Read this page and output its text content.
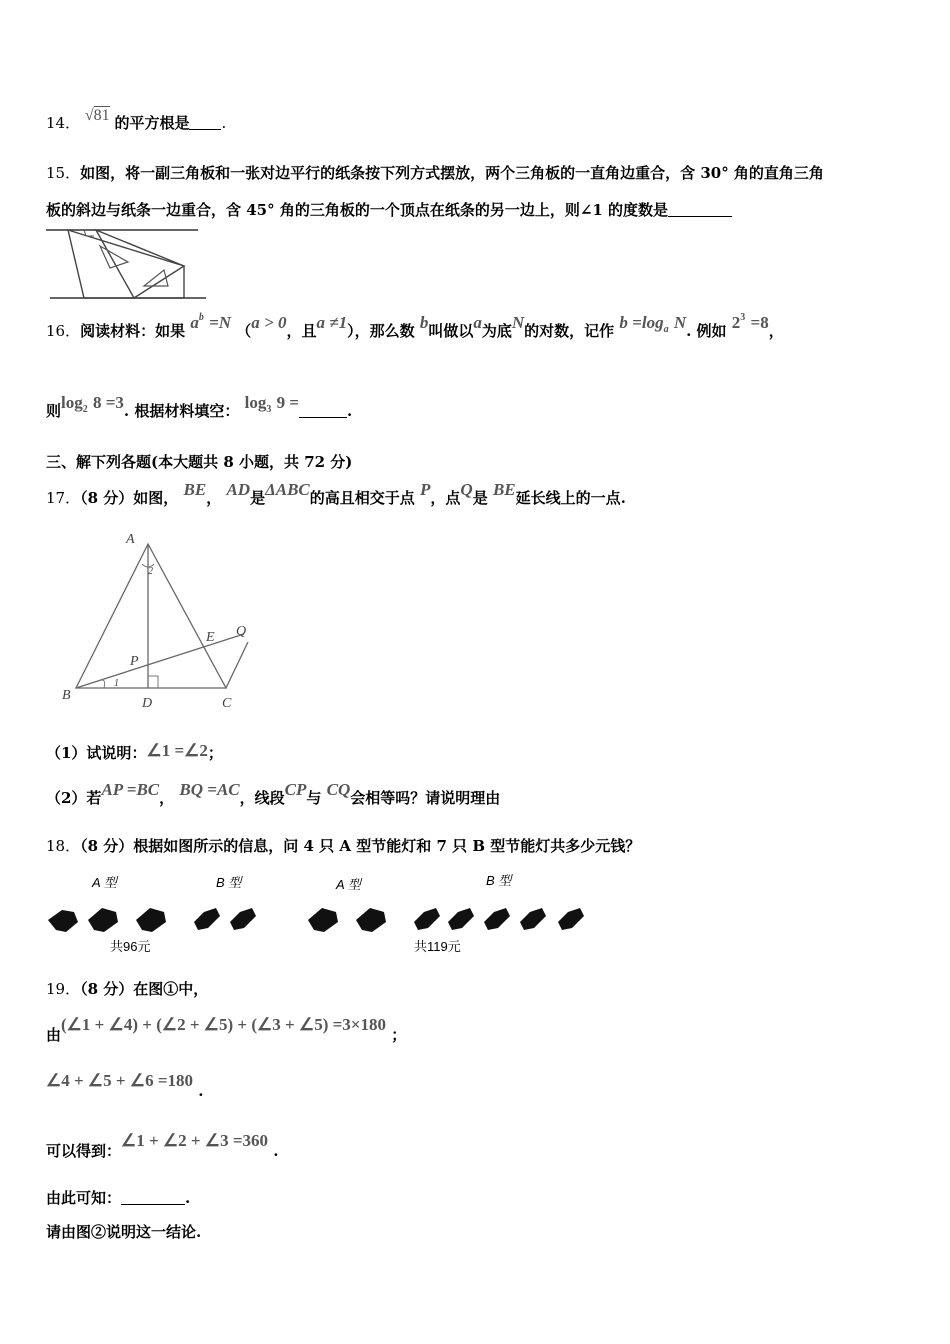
14． √81 的平方根是 .
15．如图，将一副三角板和一张对边平行的纸条按下列方式摆放，两个三角板的一直角边重合，含 30° 角的直角三角
板的斜边与纸条一边重合，含 45° 角的三角板的一个顶点在纸条的另一边上，则∠1 的度数是
16．阅读材料：如果 $a^b =N$ （a > 0，且a ≠1），那么数 b叫做以a为底N的对数，记作 $b =\log_a$ N. 例如 $2^3 =8$，
则$\log_2 8 =3$. 根据材料填空： $\log_3 9$ =	.
三、解下列各题(本大题共 8 小题，共 72 分)
17．（8 分）如图， BE， AD是ΔABC的高且相交于点 P，点Q是 BE延长线上的一点.
A
B
C
D
E
P
Q
1
2
（1）试说明：∠1 =∠2；
（2）若AP =BC， BQ =AC，线段CP与 CQ会相等吗？请说明理由
18．（8 分）根据如图所示的信息，问 4 只 A 型节能灯和 7 只 B 型节能灯共多少元钱？
A 型	B 型	A 型	B 型
共96元	共119元
19．（8 分）在图①中，
由(∠1 + ∠4) + (∠2 + ∠5) + (∠3 + ∠5) =3×180 ；
∠4 + ∠5 + ∠6 =180 .
可以得到：∠1 + ∠2 + ∠3 =360 .
由此可知：	.
请由图②说明这一结论.
